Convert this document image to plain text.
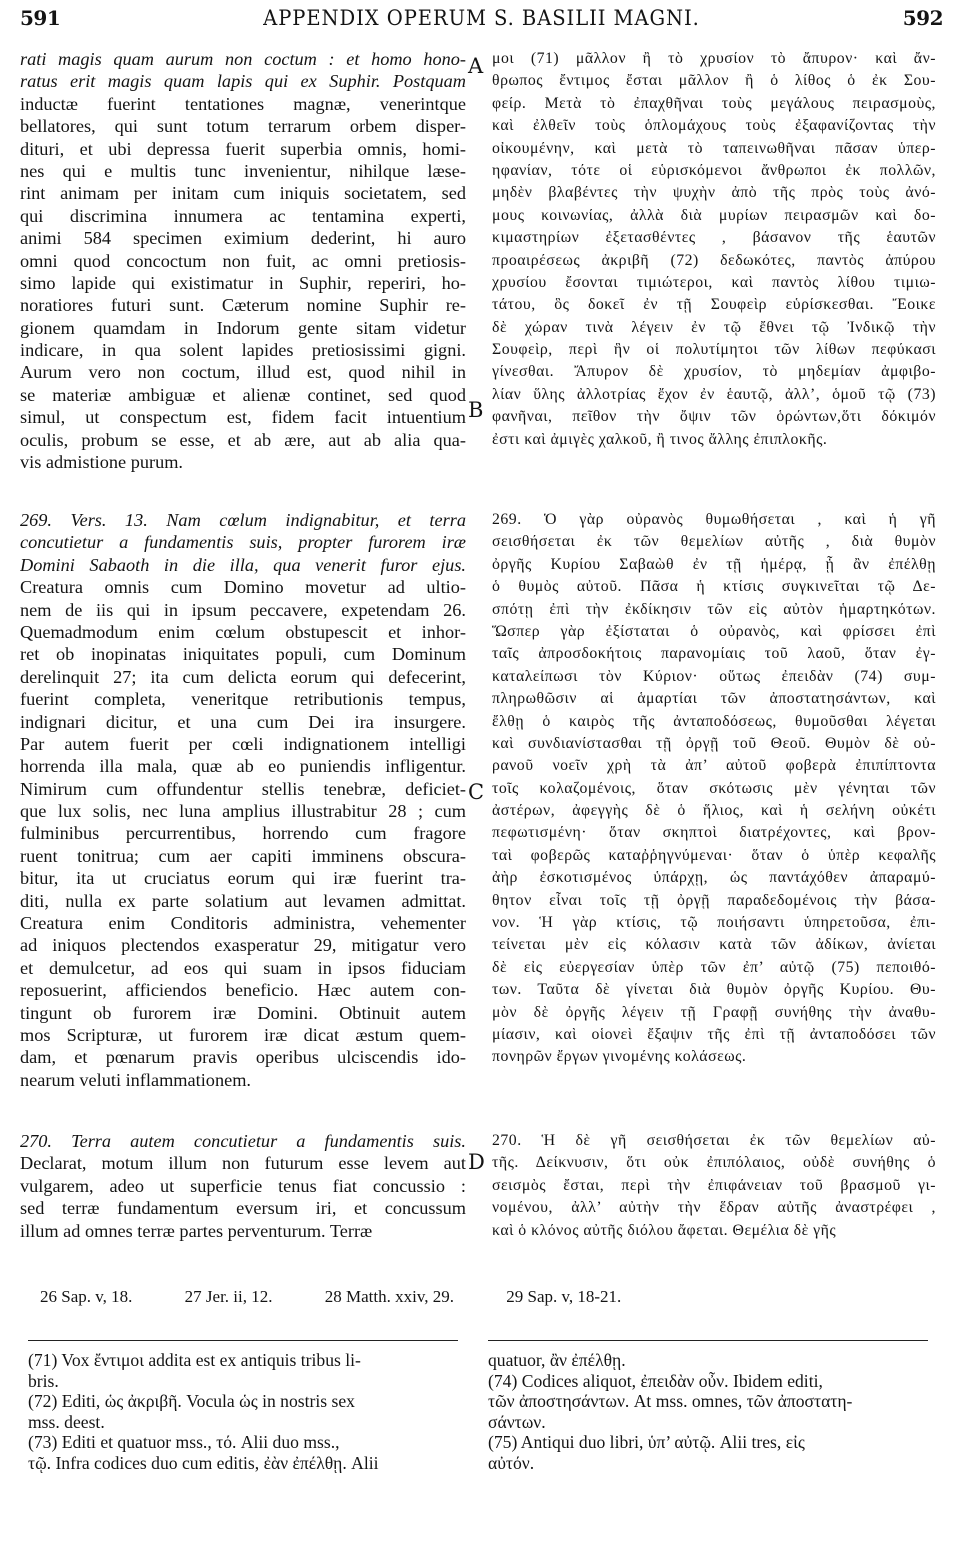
591	APPENDIX OPERUM S. BASILII MAGNI.	592
rati magis quam aurum non coctum : et homo hono-
ratus erit magis quam lapis qui ex Suphir. Postquam
inductæ fuerint tentationes magnæ, venerintque
bellatores, qui sunt totum terrarum orbem disper-
dituri, et ubi depressa fuerit superbia omnis, homi-
nes qui e multis tunc invenientur, nihilque læse-
rint animam per initam cum iniquis societatem, sed
qui discrimina innumera ac tentamina experti,
animi 584 specimen eximium dederint, hi auro
omni quod concoctum non fuit, ac omni pretiosis-
simo lapide qui existimatur in Suphir, reperiri, ho-
noratiores futuri sunt. Cæterum nomine Suphir re-
gionem quamdam in Indorum gente sitam videtur
indicare, in qua solent lapides pretiosissimi gigni.
Aurum vero non coctum, illud est, quod nihil in
se materiæ ambiguæ et alienæ continet, sed quod
simul, ut conspectum est, fidem facit intuentium
oculis, probum se esse, et ab ære, aut ab alia qua-
vis admistione purum.
μοι (71) μᾶλλον ἢ τὸ χρυσίον τὸ ἄπυρον· καὶ ἄν-
θρωπος ἔντιμος ἔσται μᾶλλον ἢ ὁ λίθος ὁ ἐκ Σου-
φείρ. Μετὰ τὸ ἐπαχθῆναι τοὺς μεγάλους πειρασμοὺς,
καὶ ἐλθεῖν τοὺς ὁπλομάχους τοὺς ἐξαφανίζοντας τὴν
οἰκουμένην, καὶ μετὰ τὸ ταπεινωθῆναι πᾶσαν ὑπερ-
ηφανίαν, τότε οἱ εὑρισκόμενοι ἄνθρωποι ἐκ πολλῶν,
μηδὲν βλαβέντες τὴν ψυχὴν ἀπὸ τῆς πρὸς τοὺς ἀνό-
μους κοινωνίας, ἀλλὰ διὰ μυρίων πειρασμῶν καὶ δο-
κιμαστηρίων ἐξετασθέντες , βάσανον τῆς ἑαυτῶν
προαιρέσεως ἀκριβῆ (72) δεδωκότες, παντὸς ἀπύρου
χρυσίου ἔσονται τιμιώτεροι, καὶ παντὸς λίθου τιμιω-
τάτου, ὃς δοκεῖ ἐν τῇ Σουφεὶρ εὑρίσκεσθαι. Ἔοικε
δὲ χώραν τινὰ λέγειν ἐν τῷ ἔθνει τῷ Ἰνδικῷ τὴν
Σουφεὶρ, περὶ ἣν οἱ πολυτίμητοι τῶν λίθων πεφύκασι
γίνεσθαι. Ἄπυρον δὲ χρυσίον, τὸ μηδεμίαν ἀμφιβο-
λίαν ὕλης ἀλλοτρίας ἔχον ἐν ἑαυτῷ, ἀλλ’, ὁμοῦ τῷ (73)
φανῆναι, πεῖθον τὴν ὄψιν τῶν ὁρώντων,ὅτι δόκιμόν
ἐστι καὶ ἀμιγὲς χαλκοῦ, ἢ τινος ἄλλης ἐπιπλοκῆς.
269. Vers. 13. Nam cœlum indignabitur, et terra
concutietur a fundamentis suis, propter furorem iræ
Domini Sabaoth in die illa, qua venerit furor ejus.
Creatura omnis cum Domino movetur ad ultio-
nem de iis qui in ipsum peccavere, expetendam 26.
Quemadmodum enim cœlum obstupescit et inhor-
ret ob inopinatas iniquitates populi, cum Dominum
derelinquit 27; ita cum delicta eorum qui defecerint,
fuerint completa, veneritque retributionis tempus,
indignari dicitur, et una cum Dei ira insurgere.
Par autem fuerit per cœli indignationem intelligi
horrenda illa mala, quæ ab eo puniendis infligentur.
Nimirum cum offundentur stellis tenebræ, deficiet-
que lux solis, nec luna amplius illustrabitur 28 ; cum
fulminibus percurrentibus, horrendo cum fragore
ruent tonitrua; cum aer capiti imminens obscura-
bitur, ita ut cruciatus eorum qui iræ fuerint tra-
diti, nulla ex parte solatium aut levamen admittat.
Creatura enim Conditoris administra, vehementer
ad iniquos plectendos exasperatur 29, mitigatur vero
et demulcetur, ad eos qui suam in ipsos fiduciam
reposuerint, afficiendos beneficio. Hæc autem con-
tingunt ob furorem iræ Domini. Obtinuit autem
mos Scripturæ, ut furorem iræ dicat æstum quem-
dam, et pœnarum pravis operibus ulciscendis ido-
nearum veluti inflammationem.
269. Ὁ γὰρ οὐρανὸς θυμωθήσεται , καὶ ἡ γῆ
σεισθήσεται ἐκ τῶν θεμελίων αὐτῆς , διὰ θυμὸν
ὀργῆς Κυρίου Σαβαὼθ ἐν τῇ ἡμέρᾳ, ᾗ ἂν ἐπέλθῃ
ὁ θυμὸς αὐτοῦ. Πᾶσα ἡ κτίσις συγκινεῖται τῷ Δε-
σπότῃ ἐπὶ τὴν ἐκδίκησιν τῶν εἰς αὐτὸν ἡμαρτηκότων.
Ὥσπερ γὰρ ἐξίσταται ὁ οὐρανὸς, καὶ φρίσσει ἐπὶ
ταῖς ἀπροσδοκήτοις παρανομίαις τοῦ λαοῦ, ὅταν ἐγ-
καταλείπωσι τὸν Κύριον· οὕτως ἐπειδὰν (74) συμ-
πληρωθῶσιν αἱ ἁμαρτίαι τῶν ἀποστατησάντων, καὶ
ἔλθῃ ὁ καιρὸς τῆς ἀνταποδόσεως, θυμοῦσθαι λέγεται
καὶ συνδιανίστασθαι τῇ ὀργῇ τοῦ Θεοῦ. Θυμὸν δὲ οὐ-
ρανοῦ νοεῖν χρὴ τὰ ἀπ’ αὐτοῦ φοβερὰ ἐπιπίπτοντα
τοῖς κολαζομένοις, ὅταν σκότωσις μὲν γένηται τῶν
ἀστέρων, ἀφεγγὴς δὲ ὁ ἥλιος, καὶ ἡ σελήνη οὐκέτι
πεφωτισμένη· ὅταν σκηπτοὶ διατρέχοντες, καὶ βρον-
ταὶ φοβερῶς καταῤῥηγνύμεναι· ὅταν ὁ ὑπὲρ κεφαλῆς
ἀὴρ ἐσκοτισμένος ὑπάρχῃ, ὡς παντάχόθεν ἀπαραμύ-
θητον εἶναι τοῖς τῇ ὀργῇ παραδεδομένοις τὴν βάσα-
νον. Ἡ γὰρ κτίσις, τῷ ποιήσαντι ὑπηρετοῦσα, ἐπι-
τείνεται μὲν εἰς κόλασιν κατὰ τῶν ἀδίκων, ἀνίεται
δὲ εἰς εὐεργεσίαν ὑπὲρ τῶν ἐπ’ αὐτῷ (75) πεποιθό-
των. Ταῦτα δὲ γίνεται διὰ θυμὸν ὀργῆς Κυρίου. Θυ-
μὸν δὲ ὀργῆς λέγειν τῇ Γραφῇ συνήθης τὴν ἀναθυ-
μίασιν, καὶ οἱονεὶ ἔξαψιν τῆς ἐπὶ τῇ ἀνταποδόσει τῶν
πονηρῶν ἔργων γινομένης κολάσεως.
270. Terra autem concutietur a fundamentis suis.
Declarat, motum illum non futurum esse levem aut
vulgarem, adeo ut superficie tenus fiat concussio :
sed terræ fundamentum eversum iri, et concussum
illum ad omnes terræ partes perventurum. Terræ
270. Ἡ δὲ γῆ σεισθήσεται ἐκ τῶν θεμελίων αὐ-
τῆς. Δείκνυσιν, ὅτι οὐκ ἐπιπόλαιος, οὐδὲ συνήθης ὁ
σεισμὸς ἔσται, περὶ τὴν ἐπιφάνειαν τοῦ βρασμοῦ γι-
νομένου, ἀλλ’ αὐτὴν τὴν ἕδραν αὐτῆς ἀναστρέφει ,
καὶ ὁ κλόνος αὐτῆς διόλου ἄφεται. Θεμέλια δὲ γῆς
A
B
C
D
26 Sap. v, 18.	27 Jer. ii, 12.	28 Matth. xxiv, 29.	29 Sap. v, 18-21.
(71) Vox ἔντιμοι addita est ex antiquis tribus li-
bris.
(72) Editi, ὡς ἀκριβῆ. Vocula ὡς in nostris sex
mss. deest.
(73) Editi et quatuor mss., τό. Alii duo mss.,
τῷ. Infra codices duo cum editis, ἐὰν ἐπέλθῃ. Alii
quatuor, ἂν ἐπέλθῃ.
(74) Codices aliquot, ἐπειδὰν οὖν. Ibidem editi,
τῶν ἀποστησάντων. At mss. omnes, τῶν ἀποστατη-
σάντων.
(75) Antiqui duo libri, ὑπ’ αὐτῷ. Alii tres, εἰς
αὐτόν.
